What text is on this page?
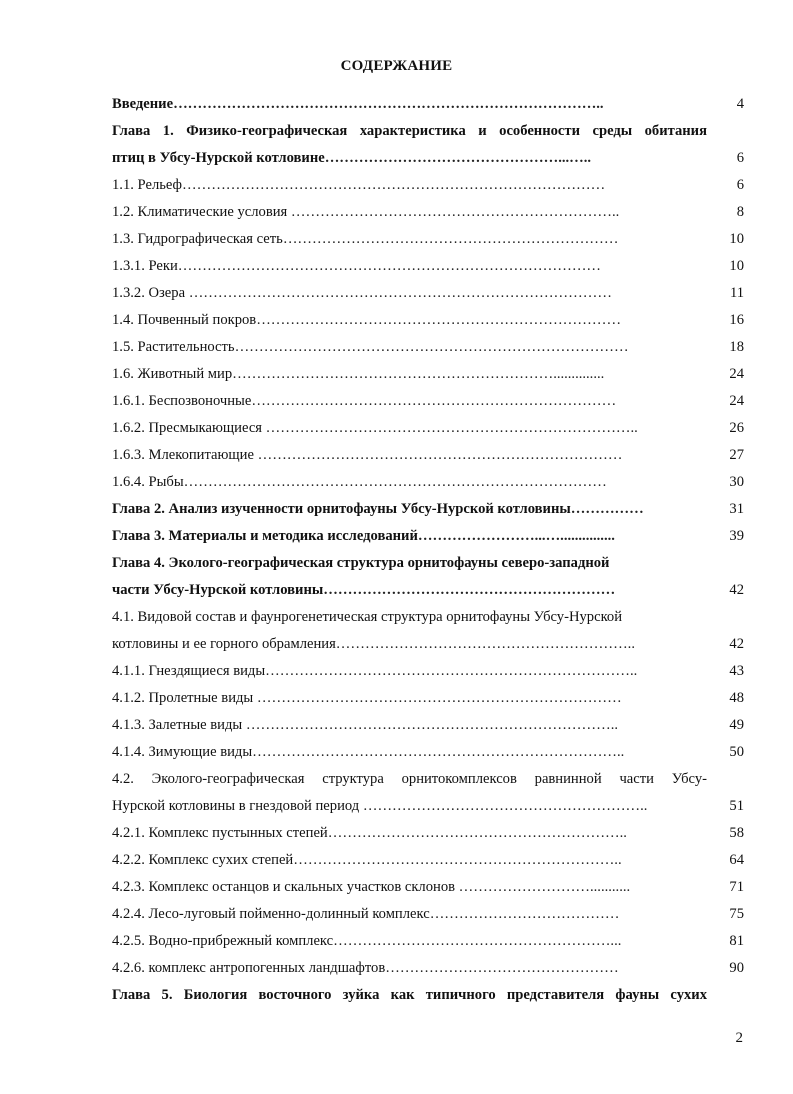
СОДЕРЖАНИЕ
Введение……………………………………………………………………………..	4
Глава 1. Физико-географическая характеристика и особенности среды обитания
птиц в Убсу-Нурской котловине…………………………………………...…..	6
1.1. Рельеф……………………………………………………………………………	6
1.2. Климатические условия …………………………………………………………..	8
1.3. Гидрографическая сеть……………………………………………………………	10
1.3.1. Реки……………………………………………………………………………	10
1.3.2. Озера ……………………………………………………………………………	11
1.4. Почвенный покров…………………………………………………………………	16
1.5. Растительность………………………………………………………………………	18
1.6. Животный мир…………………………………………………………..............	24
1.6.1. Беспозвоночные…………………………………………………………………	24
1.6.2. Пресмыкающиеся …………………………………………………………………..	26
1.6.3. Млекопитающие …………………………………………………………………	27
1.6.4. Рыбы……………………………………………………………………………	30
Глава 2. Анализ изученности орнитофауны Убсу-Нурской котловины……………	31
Глава 3. Материалы и методика исследований……………………...…...............	39
Глава 4. Эколого-географическая структура орнитофауны северо-западной
части Убсу-Нурской котловины……………………………………………………	42
4.1. Видовой состав и фаунрогенетическая структура орнитофауны Убсу-Нурской
котловины и ее горного обрамления……………………………………………………..	42
4.1.1. Гнездящиеся виды…………………………………………………………………..	43
4.1.2. Пролетные виды …………………………………………………………………	48
4.1.3. Залетные виды …………………………………………………………………..	49
4.1.4. Зимующие виды…………………………………………………………………..	50
4.2. Эколого-географическая структура орнитокомплексов равнинной части Убсу-
Нурской котловины в гнездовой период …………………………………………………..	51
4.2.1. Комплекс пустынных степей……………………………………………………..	58
4.2.2. Комплекс сухих степей…………………………………………………………..	64
4.2.3. Комплекс останцов и скальных участков склонов ………………………...........	71
4.2.4. Лесо-луговый пойменно-долинный комплекс…………………………………	75
4.2.5. Водно-прибрежный комплекс…………………………………………………...	81
4.2.6. комплекс антропогенных ландшафтов…………………………………………	90
Глава 5. Биология восточного зуйка как типичного представителя фауны сухих
2
